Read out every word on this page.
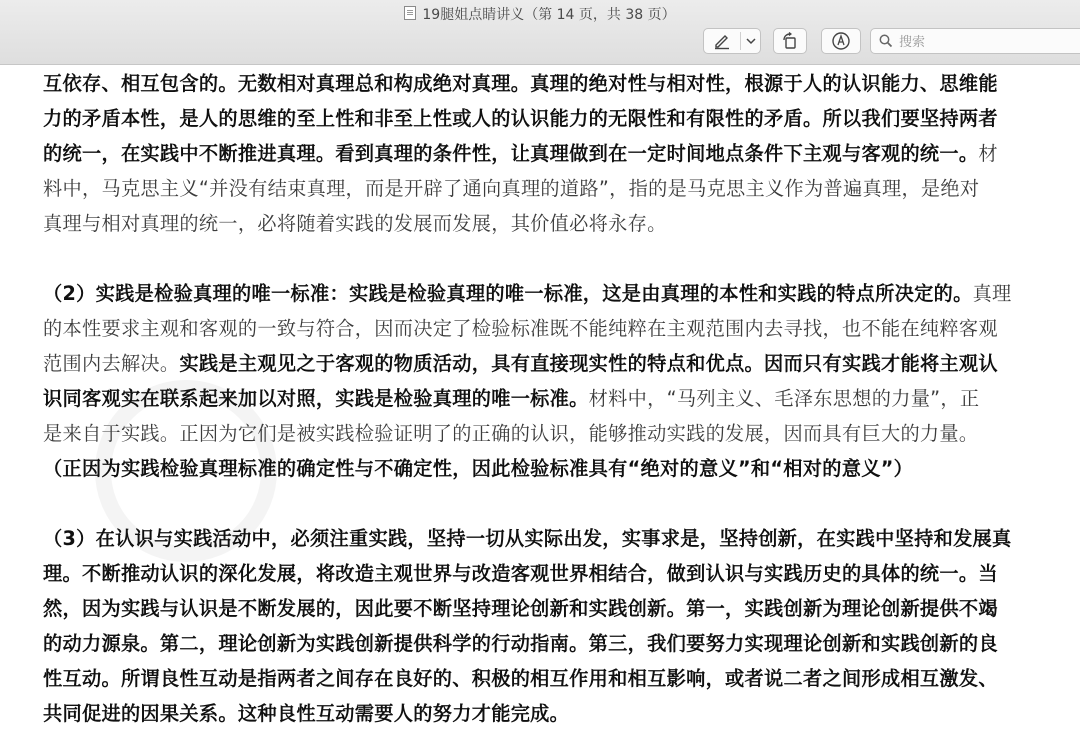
19腿姐点睛讲义（第 14 页，共 38 页）
搜索
互依存、相互包含的。无数相对真理总和构成绝对真理。真理的绝对性与相对性，根源于人的认识能力、思维能
力的矛盾本性，是人的思维的至上性和非至上性或人的认识能力的无限性和有限性的矛盾。所以我们要坚持两者
的统一，在实践中不断推进真理。看到真理的条件性，让真理做到在一定时间地点条件下主观与客观的统一。材
料中，马克思主义“并没有结束真理，而是开辟了通向真理的道路”，指的是马克思主义作为普遍真理，是绝对
真理与相对真理的统一，必将随着实践的发展而发展，其价值必将永存。
（2）实践是检验真理的唯一标准：实践是检验真理的唯一标准，这是由真理的本性和实践的特点所决定的。真理
的本性要求主观和客观的一致与符合，因而决定了检验标准既不能纯粹在主观范围内去寻找，也不能在纯粹客观
范围内去解决。实践是主观见之于客观的物质活动，具有直接现实性的特点和优点。因而只有实践才能将主观认
识同客观实在联系起来加以对照，实践是检验真理的唯一标准。材料中，“马列主义、毛泽东思想的力量”，正
是来自于实践。正因为它们是被实践检验证明了的正确的认识，能够推动实践的发展，因而具有巨大的力量。
（正因为实践检验真理标准的确定性与不确定性，因此检验标准具有“绝对的意义”和“相对的意义”）
（3）在认识与实践活动中，必须注重实践，坚持一切从实际出发，实事求是，坚持创新，在实践中坚持和发展真
理。不断推动认识的深化发展，将改造主观世界与改造客观世界相结合，做到认识与实践历史的具体的统一。当
然，因为实践与认识是不断发展的，因此要不断坚持理论创新和实践创新。第一，实践创新为理论创新提供不竭
的动力源泉。第二，理论创新为实践创新提供科学的行动指南。第三，我们要努力实现理论创新和实践创新的良
性互动。所谓良性互动是指两者之间存在良好的、积极的相互作用和相互影响，或者说二者之间形成相互激发、
共同促进的因果关系。这种良性互动需要人的努力才能完成。
